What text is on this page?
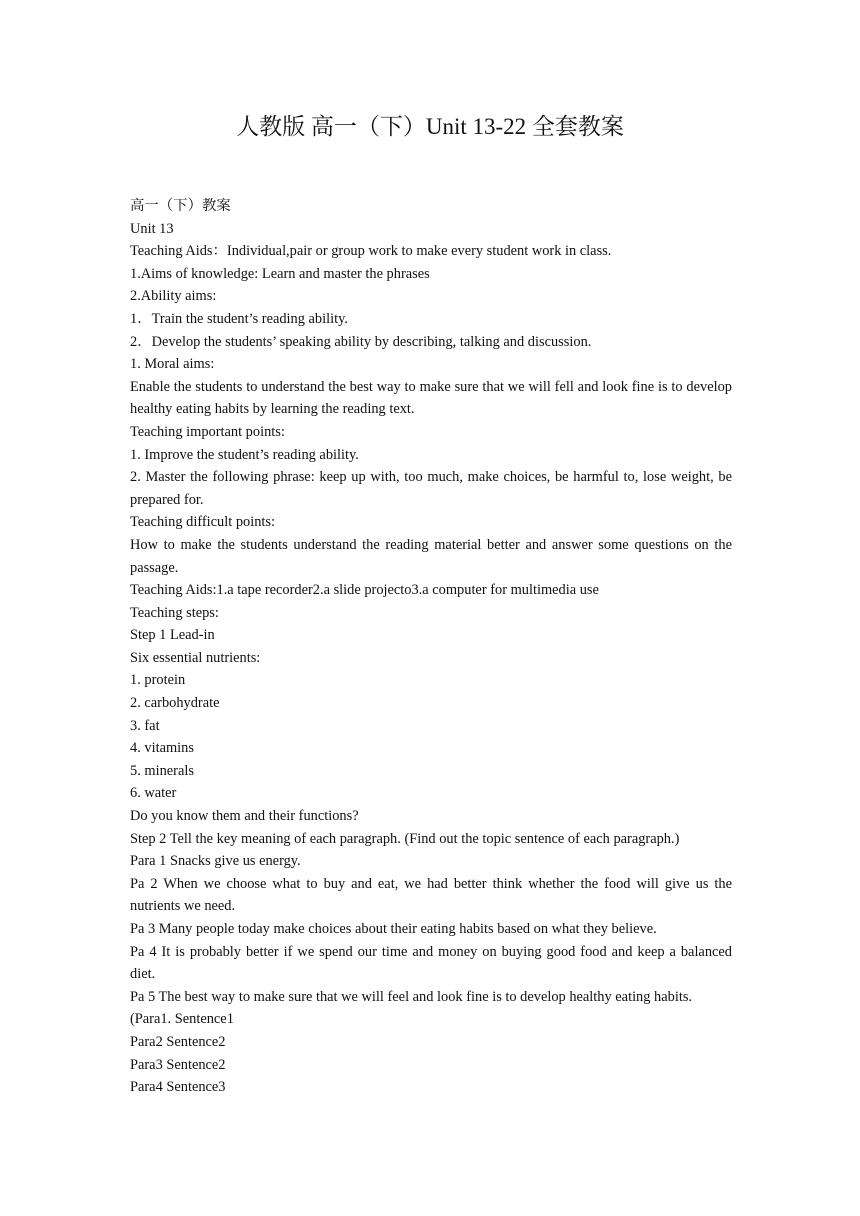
人教版 高一（下）Unit 13-22 全套教案

高一（下）教案

Unit 13

Teaching Aids：Individual,pair or group work to make every student work in class.

1.Aims of knowledge: Learn and master the phrases

2.Ability aims:

1．Train the student’s reading ability.

2．Develop the students’ speaking ability by describing, talking and discussion.

1. Moral aims:

Enable the students to understand the best way to make sure that we will fell and look fine is to develop healthy eating habits by learning the reading text.

Teaching important points:

1. Improve the student’s reading ability.

2. Master the following phrase: keep up with, too much, make choices, be harmful to, lose weight, be prepared for.

Teaching difficult points:

How to make the students understand the reading material better and answer some questions on the passage.

Teaching Aids:1.a tape recorder2.a slide projecto3.a computer for multimedia use

Teaching steps:

Step 1 Lead-in

Six essential nutrients:

1. protein

2. carbohydrate

3. fat

4. vitamins

5. minerals

6. water

Do you know them and their functions?

Step 2 Tell the key meaning of each paragraph. (Find out the topic sentence of each paragraph.)

Para 1 Snacks give us energy.

Pa 2 When we choose what to buy and eat, we had better think whether the food will give us the nutrients we need.

Pa 3 Many people today make choices about their eating habits based on what they believe.

Pa 4 It is probably better if we spend our time and money on buying good food and keep a balanced diet.

Pa 5 The best way to make sure that we will feel and look fine is to develop healthy eating habits.

(Para1. Sentence1

Para2 Sentence2

Para3 Sentence2

Para4 Sentence3
